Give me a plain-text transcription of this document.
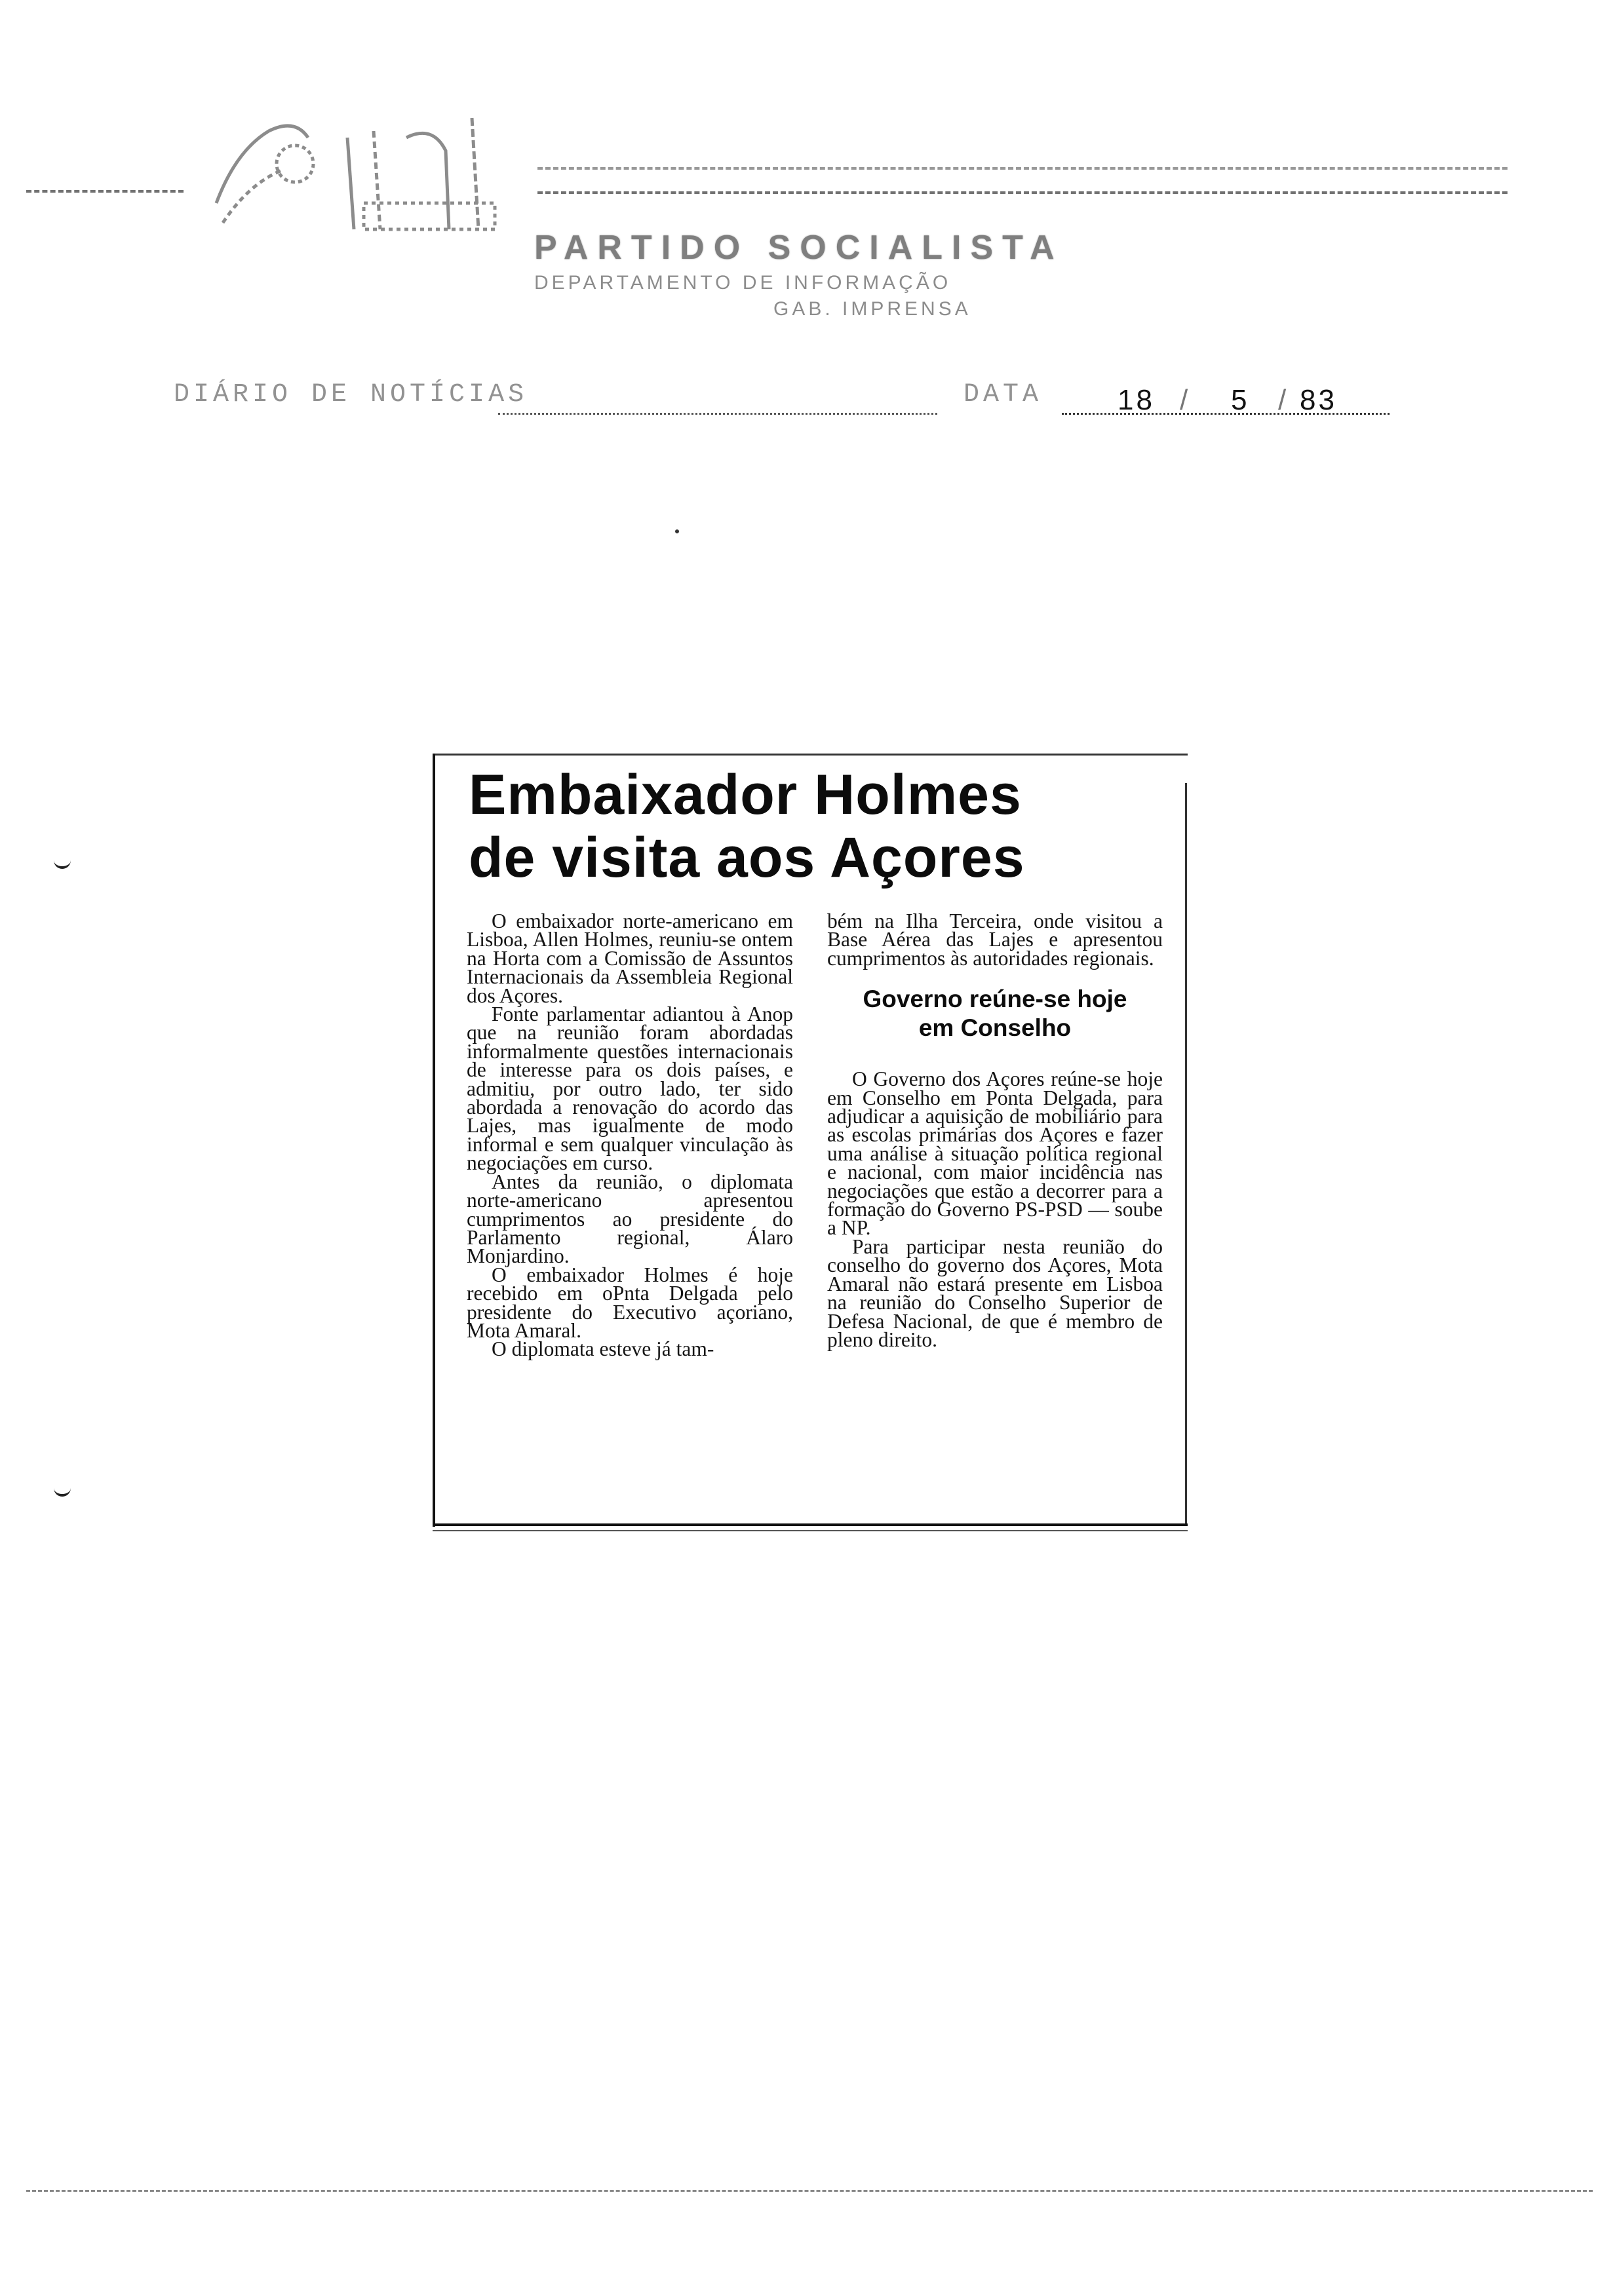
PARTIDO SOCIALISTA
DEPARTAMENTO DE INFORMAÇÃO
GAB. IMPRENSA
DIÁRIO DE NOTÍCIAS	DATA	18 / 5 / 83
Embaixador Holmes
de visita aos Açores

O embaixador norte-americano em Lisboa, Allen Holmes, reuniu-se ontem na Horta com a Comissão de Assuntos Internacionais da Assembleia Regional dos Açores.

Fonte parlamentar adiantou à Anop que na reunião foram abordadas informalmente questões internacionais de interesse para os dois países, e admitiu, por outro lado, ter sido abordada a renovação do acordo das Lajes, mas igualmente de modo informal e sem qualquer vinculação às negociações em curso.

Antes da reunião, o diplomata norte-americano apresentou cumprimentos ao presidente do Parlamento regional, Álaro Monjardino.

O embaixador Holmes é hoje recebido em oPnta Delgada pelo presidente do Executivo açoriano, Mota Amaral.

O diplomata esteve já tam-

bém na Ilha Terceira, onde visitou a Base Aérea das Lajes e apresentou cumprimentos às autoridades regionais.

Governo reúne-se hoje
em Conselho

O Governo dos Açores reúne-se hoje em Conselho em Ponta Delgada, para adjudicar a aquisição de mobiliário para as escolas primárias dos Açores e fazer uma análise à situação política regional e nacional, com maior incidência nas negociações que estão a decorrer para a formação do Governo PS-PSD — soube a NP.

Para participar nesta reunião do conselho do governo dos Açores, Mota Amaral não estará presente em Lisboa na reunião do Conselho Superior de Defesa Nacional, de que é membro de pleno direito.
